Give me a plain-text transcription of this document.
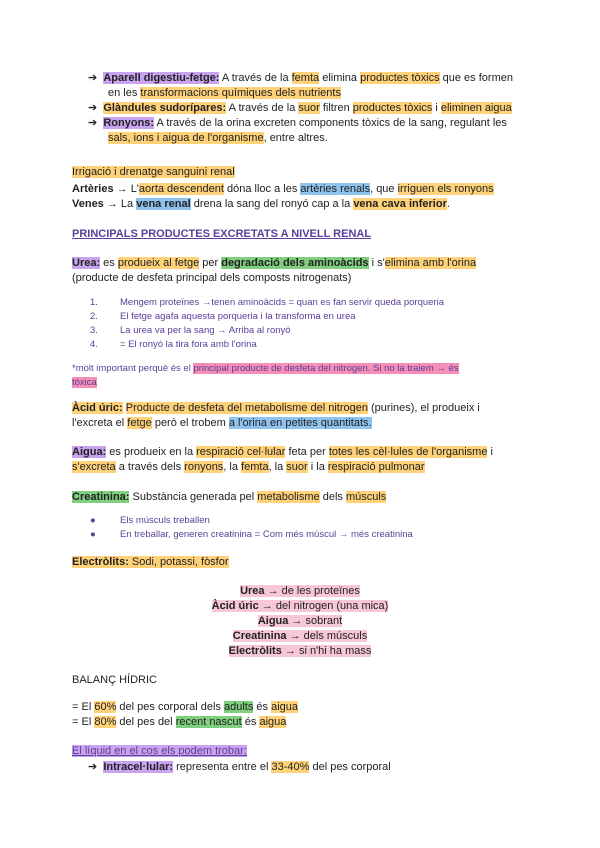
➔ Aparell digestiu-fetge: A través de la femta elimina productes tòxics que es formen
en les transformacions químiques dels nutrients
➔ Glàndules sudorípares: A través de la suor filtren productes tòxics i eliminen aigua
➔ Ronyons: A través de la orina excreten components tòxics de la sang, regulant les
sals, ions i aigua de l'organisme, entre altres.
Irrigació i drenatge sanguini renal
Artèries → L'aorta descendent dóna lloc a les artèries renals, que irriguen els ronyons
Venes → La vena renal drena la sang del ronyó cap a la vena cava inferior.
PRINCIPALS PRODUCTES EXCRETATS A NIVELL RENAL
Urea: es produeix al fetge per degradació dels aminoàcids i s'elimina amb l'orina
(producte de desfeta principal dels composts nitrogenats)
1. Mengem proteïnes →tenen aminoàcids = quan es fan servir queda porqueria
2. El fetge agafa aquesta porqueria i la transforma en urea
3. La urea va per la sang → Arriba al ronyó
4. = El ronyó la tira fora amb l'orina
*molt important perquè és el principal producte de desfeta del nitrogen. Si no la traiem → és
tòxica
Àcid úric: Producte de desfeta del metabolisme del nitrogen (purines), el produeix i
l'excreta el fetge però el trobem a l'orina en petites quantitats.
Aigua: es produeix en la respiració cel·lular feta per totes les cèl·lules de l'organisme i
s'excreta a través dels ronyons, la femta, la suor i la respiració pulmonar
Creatinina: Substància generada pel metabolisme dels músculs
●	Els músculs treballen
●	En treballar, generen creatinina = Com més múscul → més creatinina
Electròlits: Sodi, potassi, fòsfor
Urea → de les proteïnes
Àcid úric → del nitrogen (una mica)
Aigua → sobrant
Creatinina → dels músculs
Electròlits → si n'hi ha mass
BALANÇ HÍDRIC
= El 60% del pes corporal dels adults és aigua
= El 80% del pes del recent nascut és aigua
El líquid en el cos els podem trobar:
➔ Intracel·lular: representa entre el 33-40% del pes corporal
